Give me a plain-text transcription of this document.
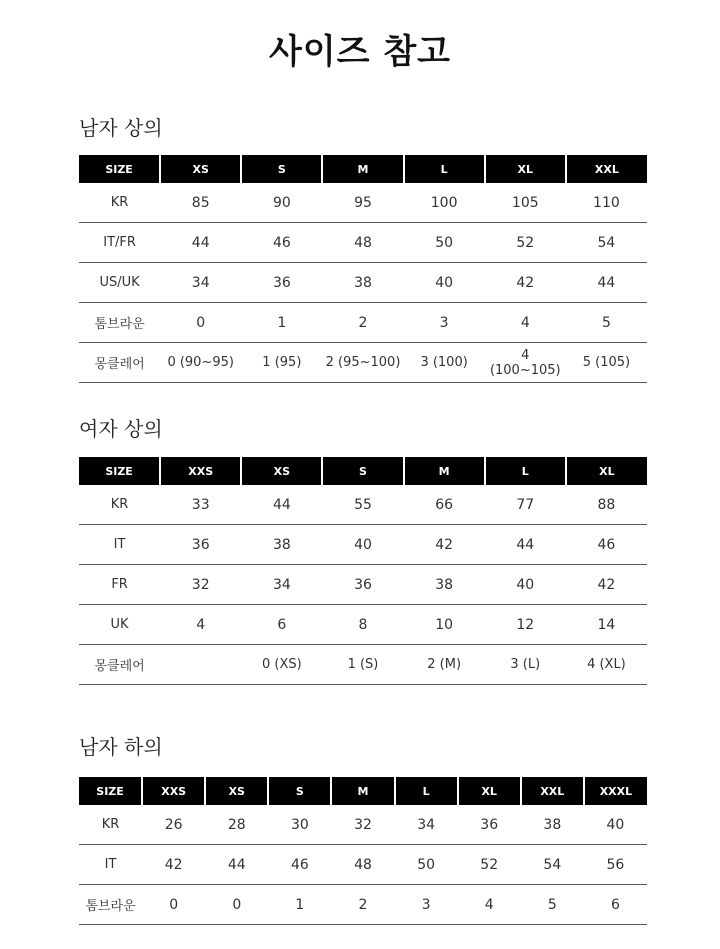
사이즈 참고
남자 상의
SIZE	XS	S	M	L	XL	XXL
KR	85	90	95	100	105	110
IT/FR	44	46	48	50	52	54
US/UK	34	36	38	40	42	44
톰브라운	0	1	2	3	4	5
몽클레어	0 (90~95)	1 (95)	2 (95~100)	3 (100)	4 (100~105)	5 (105)
여자 상의
SIZE	XXS	XS	S	M	L	XL
KR	33	44	55	66	77	88
IT	36	38	40	42	44	46
FR	32	34	36	38	40	42
UK	4	6	8	10	12	14
몽클레어		0 (XS)	1 (S)	2 (M)	3 (L)	4 (XL)
남자 하의
SIZE	XXS	XS	S	M	L	XL	XXL	XXXL
KR	26	28	30	32	34	36	38	40
IT	42	44	46	48	50	52	54	56
톰브라운	0	0	1	2	3	4	5	6
